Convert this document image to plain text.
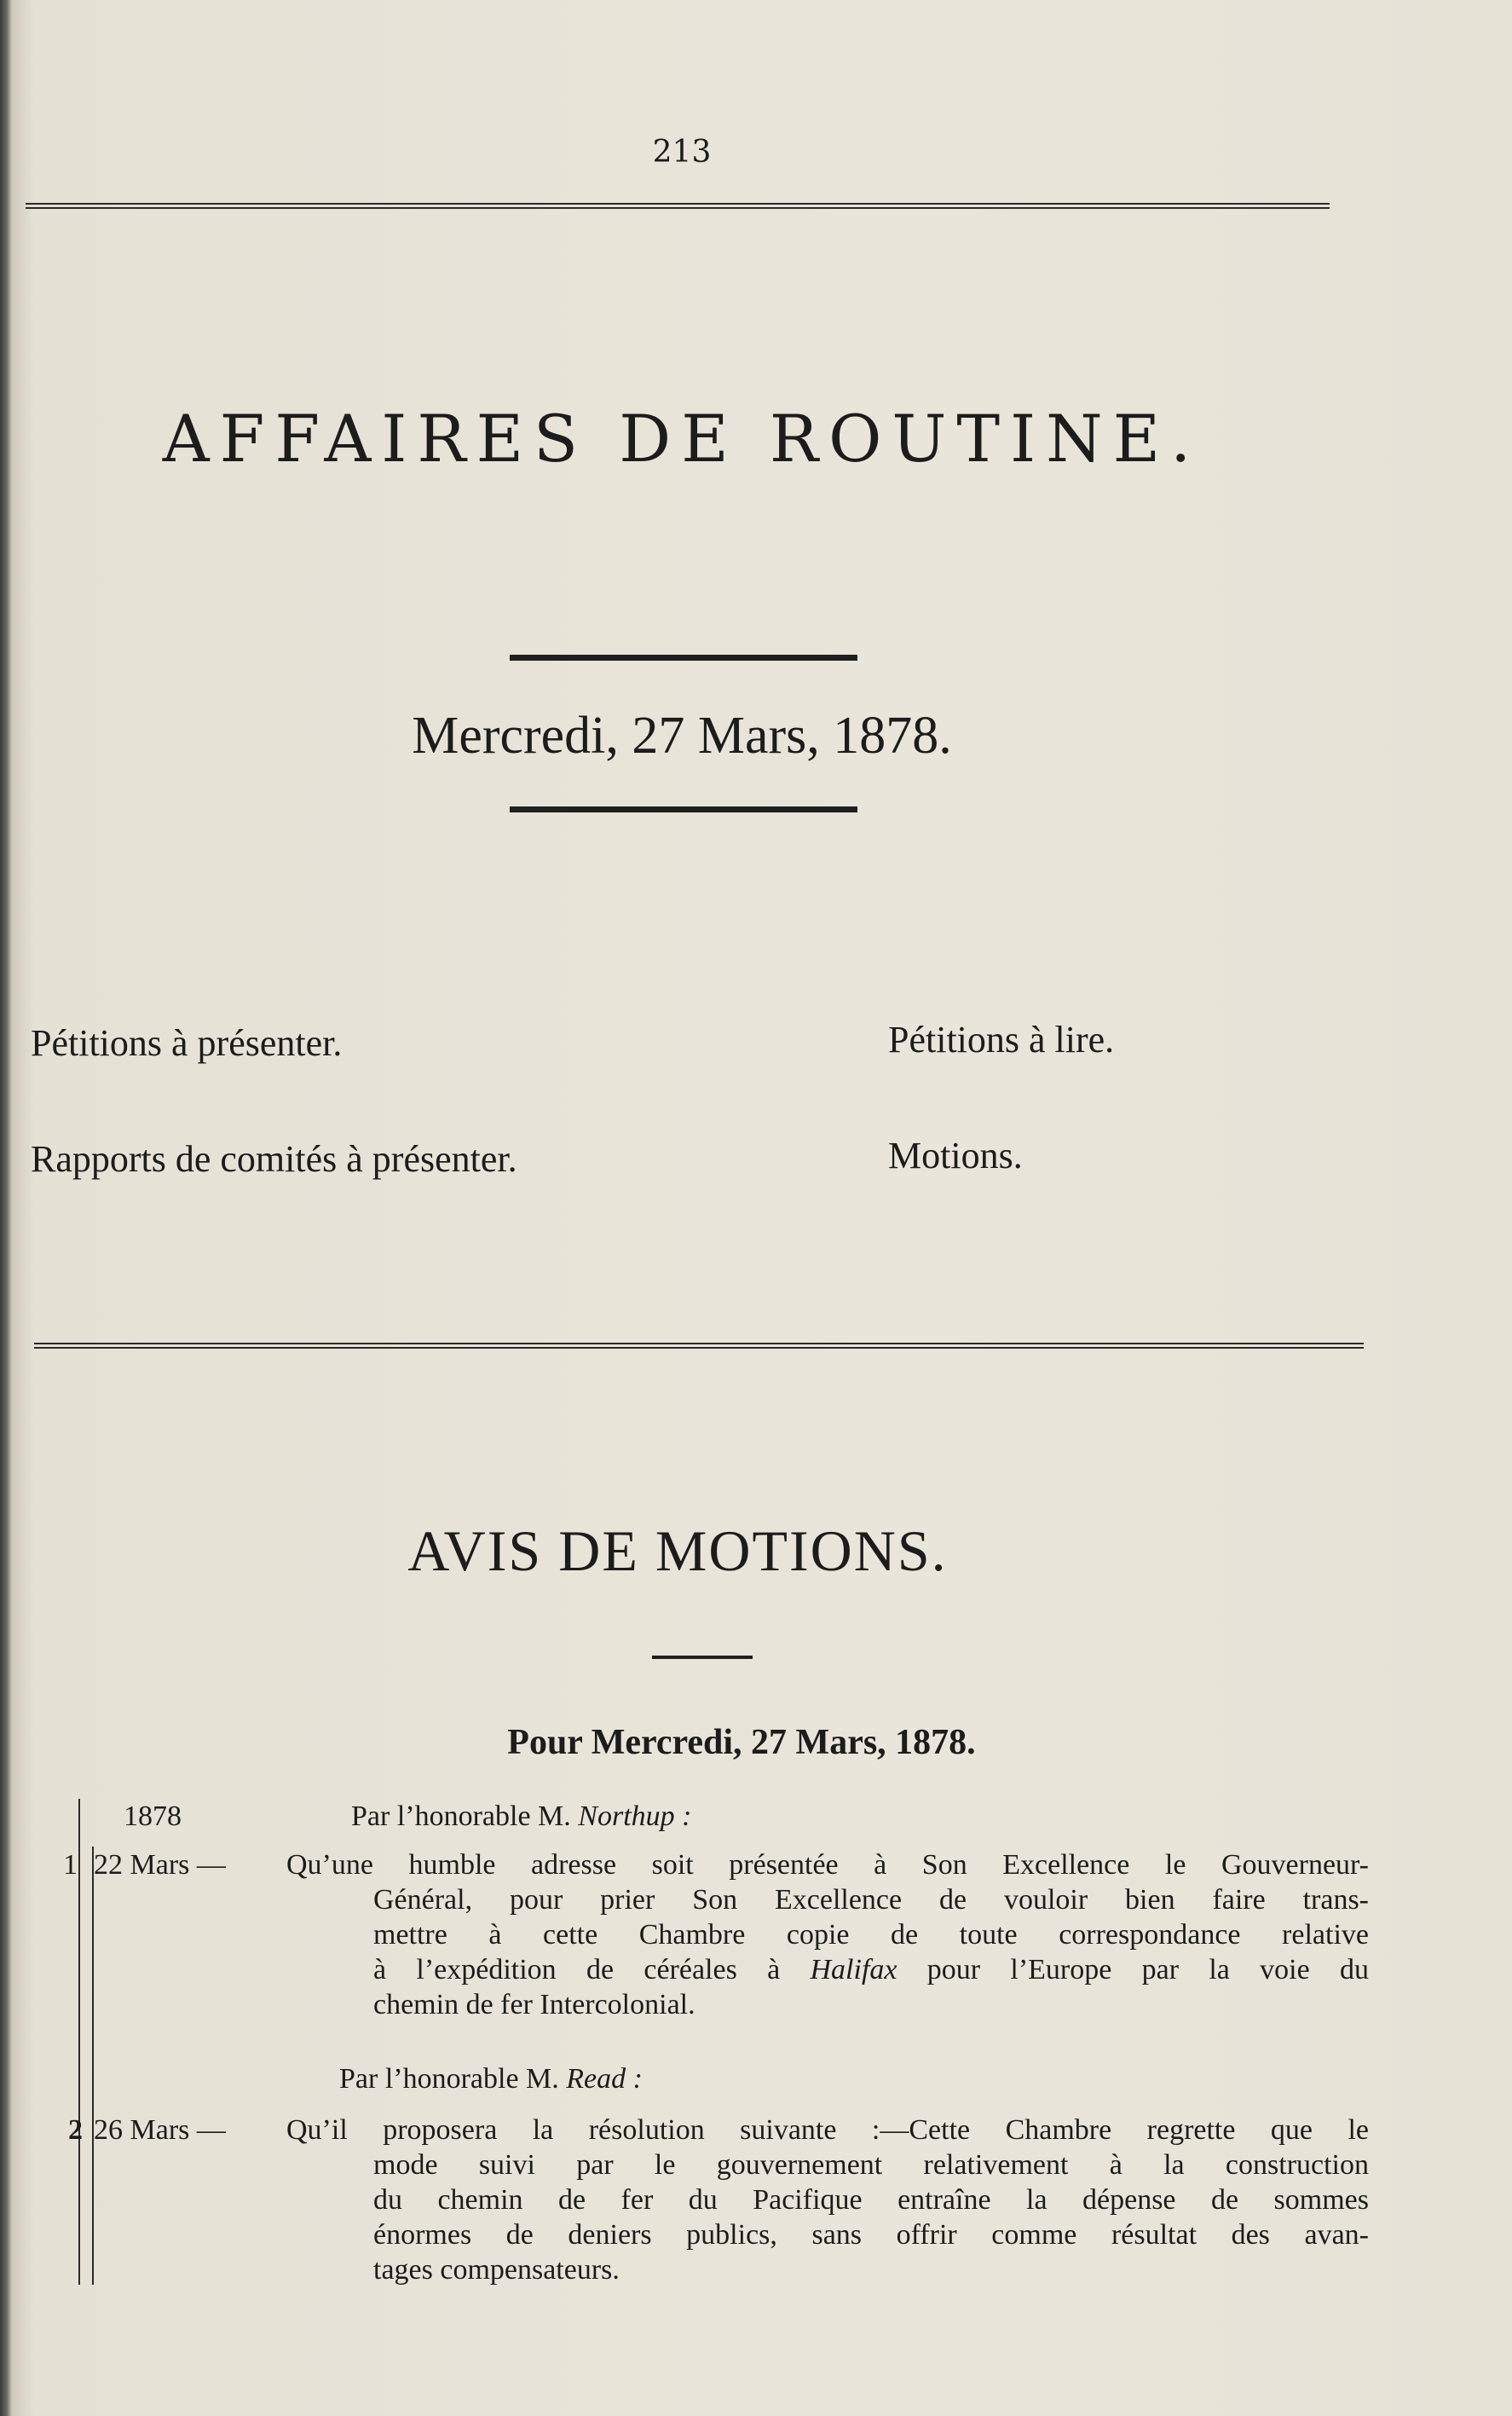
213
AFFAIRES DE ROUTINE.
Mercredi, 27 Mars, 1878.
Pétitions à présenter.	Pétitions à lire.
Rapports de comités à présenter.	Motions.
AVIS DE MOTIONS.
Pour Mercredi, 27 Mars, 1878.
1878	Par l’honorable M. Northup :
1 22 Mars — Qu’une humble adresse soit présentée à Son Excellence le Gouverneur-
Général, pour prier Son Excellence de vouloir bien faire trans-
mettre à cette Chambre copie de toute correspondance relative
à l’expédition de céréales à Halifax pour l’Europe par la voie du
chemin de fer Intercolonial.
Par l’honorable M. Read :
2 26 Mars — Qu’il proposera la résolution suivante :—Cette Chambre regrette que le
mode suivi par le gouvernement relativement à la construction
du chemin de fer du Pacifique entraîne la dépense de sommes
énormes de deniers publics, sans offrir comme résultat des avan-
tages compensateurs.
